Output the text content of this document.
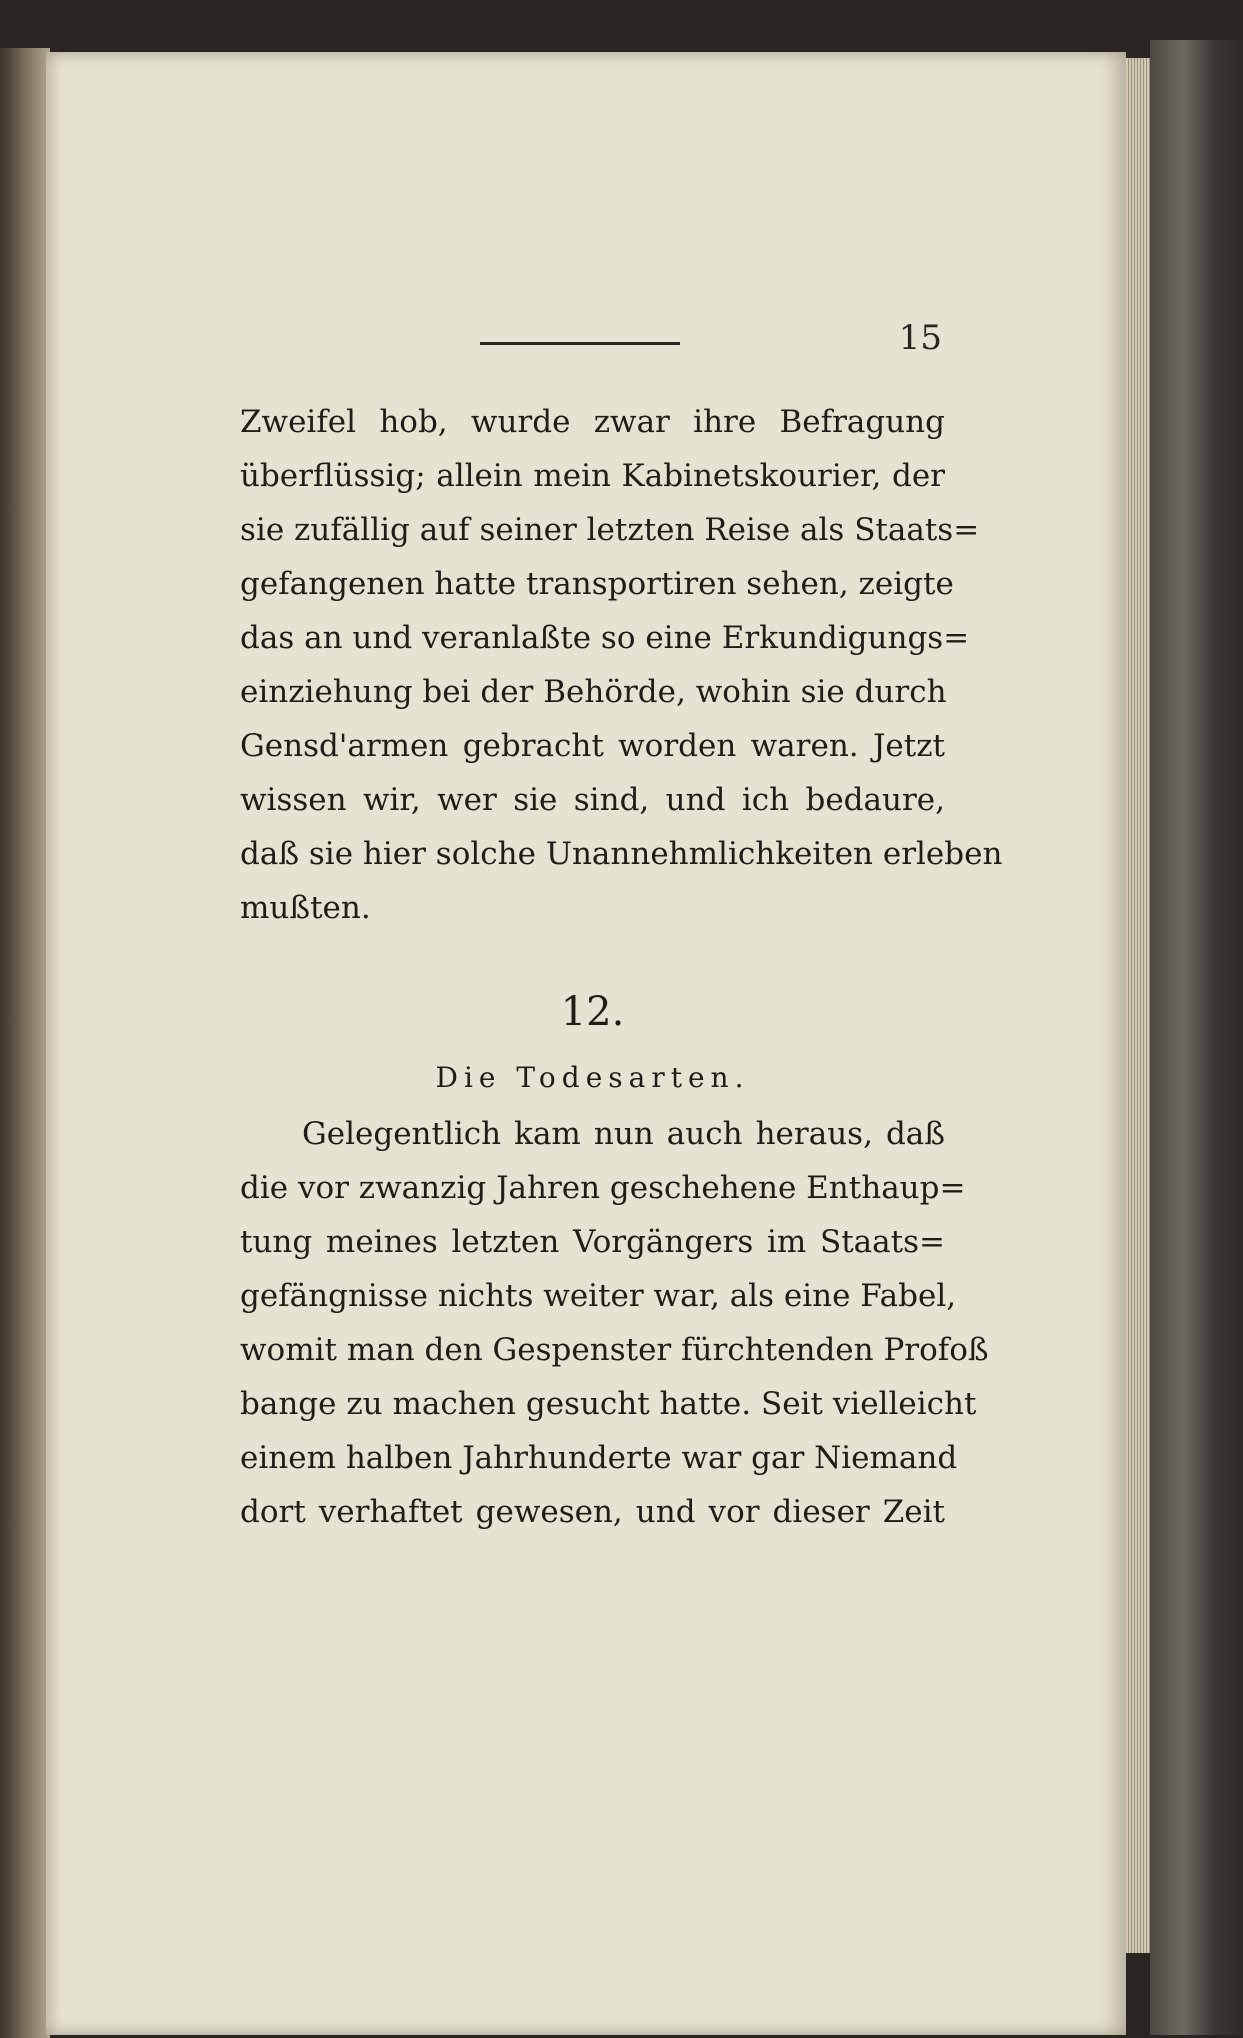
15
Zweifel hob, wurde zwar ihre Befragung
überflüssig; allein mein Kabinetskourier, der
sie zufällig auf seiner letzten Reise als Staats=
gefangenen hatte transportiren sehen, zeigte
das an und veranlaßte so eine Erkundigungs=
einziehung bei der Behörde, wohin sie durch
Gensd'armen gebracht worden waren. Jetzt
wissen wir, wer sie sind, und ich bedaure,
daß sie hier solche Unannehmlichkeiten erleben
mußten.
12.
Die Todesarten.
Gelegentlich kam nun auch heraus, daß
die vor zwanzig Jahren geschehene Enthaup=
tung meines letzten Vorgängers im Staats=
gefängnisse nichts weiter war, als eine Fabel,
womit man den Gespenster fürchtenden Profoß
bange zu machen gesucht hatte. Seit vielleicht
einem halben Jahrhunderte war gar Niemand
dort verhaftet gewesen, und vor dieser Zeit
